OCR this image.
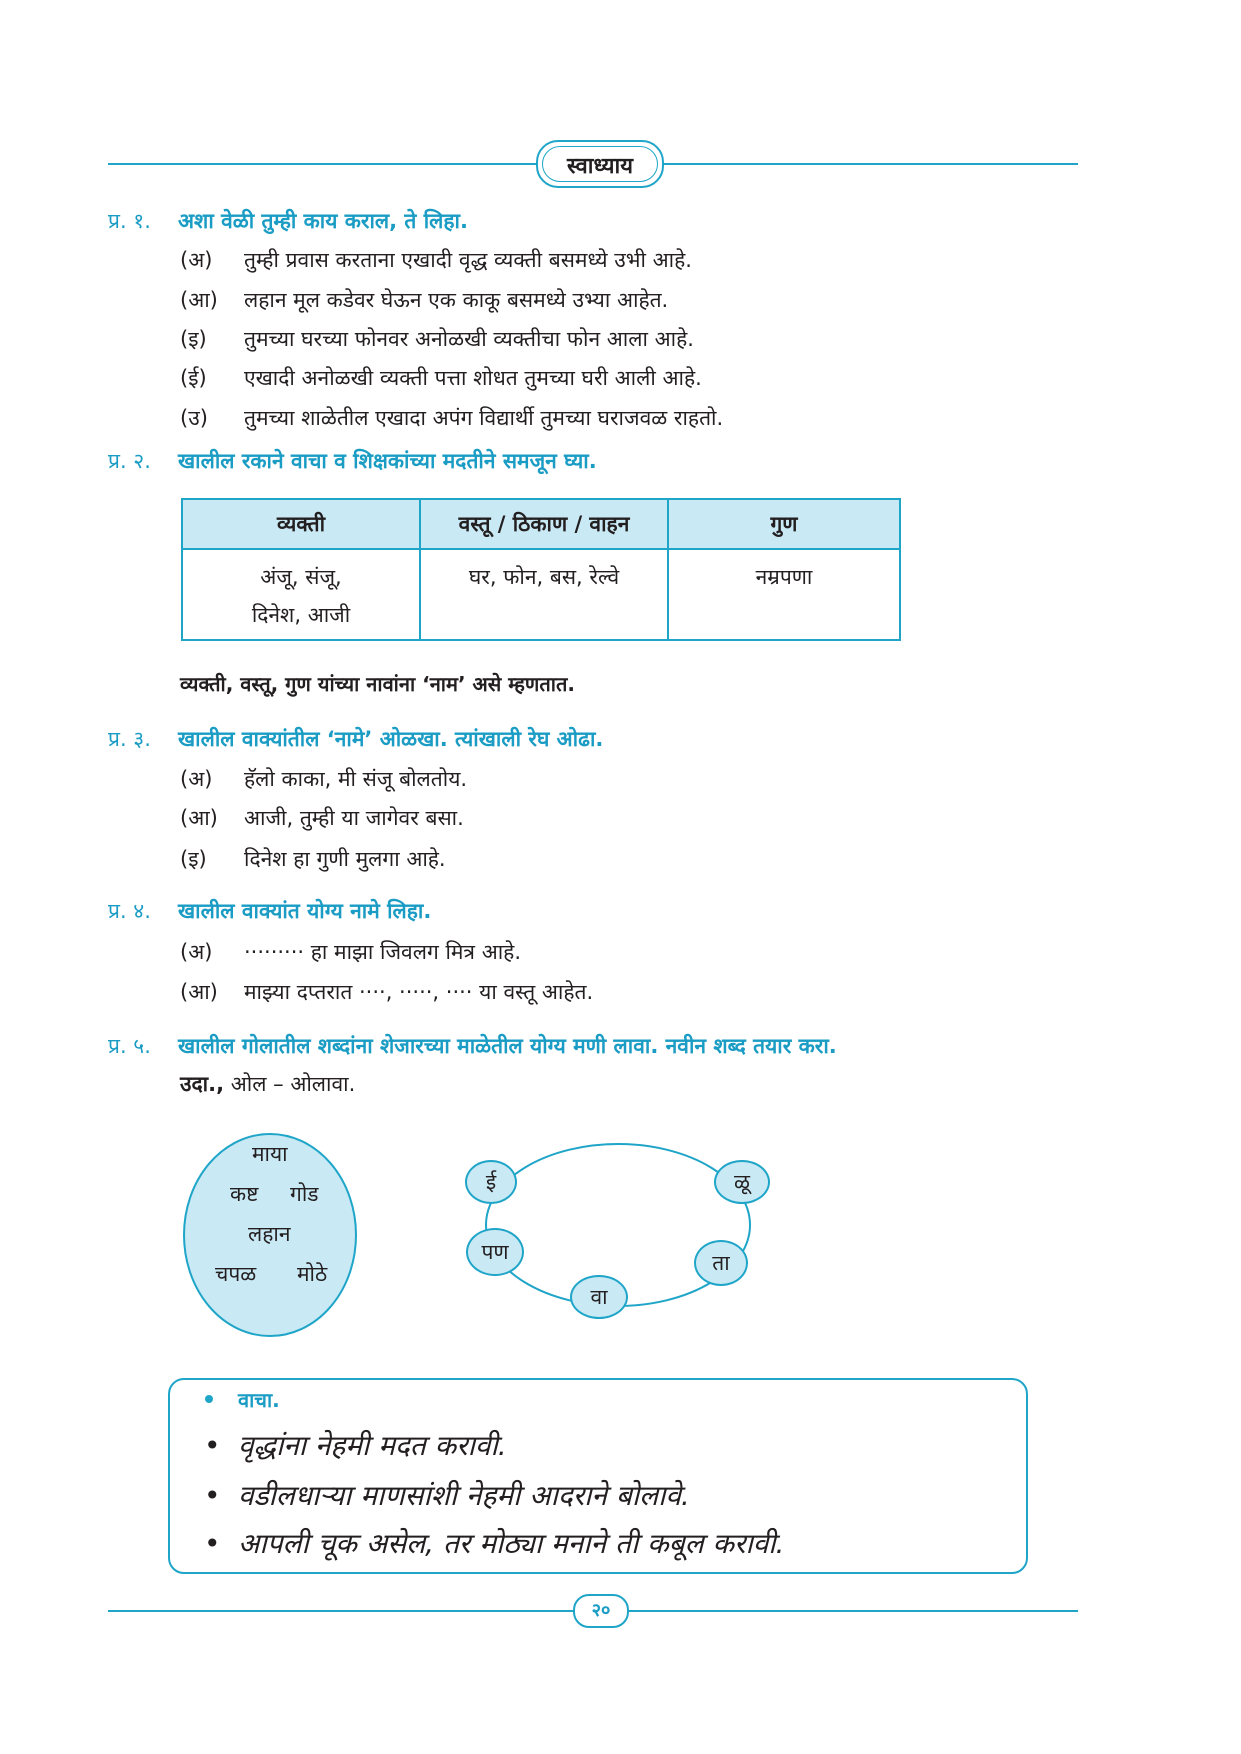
स्वाध्याय
प्र. १. अशा वेळी तुम्ही काय कराल, ते लिहा.
(अ) तुम्ही प्रवास करताना एखादी वृद्ध व्यक्ती बसमध्ये उभी आहे.
(आ) लहान मूल कडेवर घेऊन एक काकू बसमध्ये उभ्या आहेत.
(इ) तुमच्या घरच्या फोनवर अनोळखी व्यक्तीचा फोन आला आहे.
(ई) एखादी अनोळखी व्यक्ती पत्ता शोधत तुमच्या घरी आली आहे.
(उ) तुमच्या शाळेतील एखादा अपंग विद्यार्थी तुमच्या घराजवळ राहतो.
प्र. २. खालील रकाने वाचा व शिक्षकांच्या मदतीने समजून घ्या.
व्यक्ती	वस्तू / ठिकाण / वाहन	गुण

अंजू, संजू,
दिनेश, आजी	घर, फोन, बस, रेल्वे	नम्रपणा
व्यक्ती, वस्तू, गुण यांच्या नावांना ‘नाम’ असे म्हणतात.
प्र. ३. खालील वाक्यांतील ‘नामे’ ओळखा. त्यांखाली रेघ ओढा.
(अ) हॅलो काका, मी संजू बोलतोय.
(आ) आजी, तुम्ही या जागेवर बसा.
(इ) दिनेश हा गुणी मुलगा आहे.
प्र. ४. खालील वाक्यांत योग्य नामे लिहा.
(अ) ········· हा माझा जिवलग मित्र आहे.
(आ) माझ्या दप्तरात ····, ·····, ···· या वस्तू आहेत.
प्र. ५. खालील गोलातील शब्दांना शेजारच्या माळेतील योग्य मणी लावा. नवीन शब्द तयार करा.
उदा., ओल – ओलावा.
माया
कष्ट गोड
लहान
चपळ मोठे
ई	ळू
पण	ता
वा
वाचा.
• वृद्धांना नेहमी मदत करावी.
• वडीलधाऱ्या माणसांशी नेहमी आदराने बोलावे.
• आपली चूक असेल, तर मोठ्या मनाने ती कबूल करावी.
२०
